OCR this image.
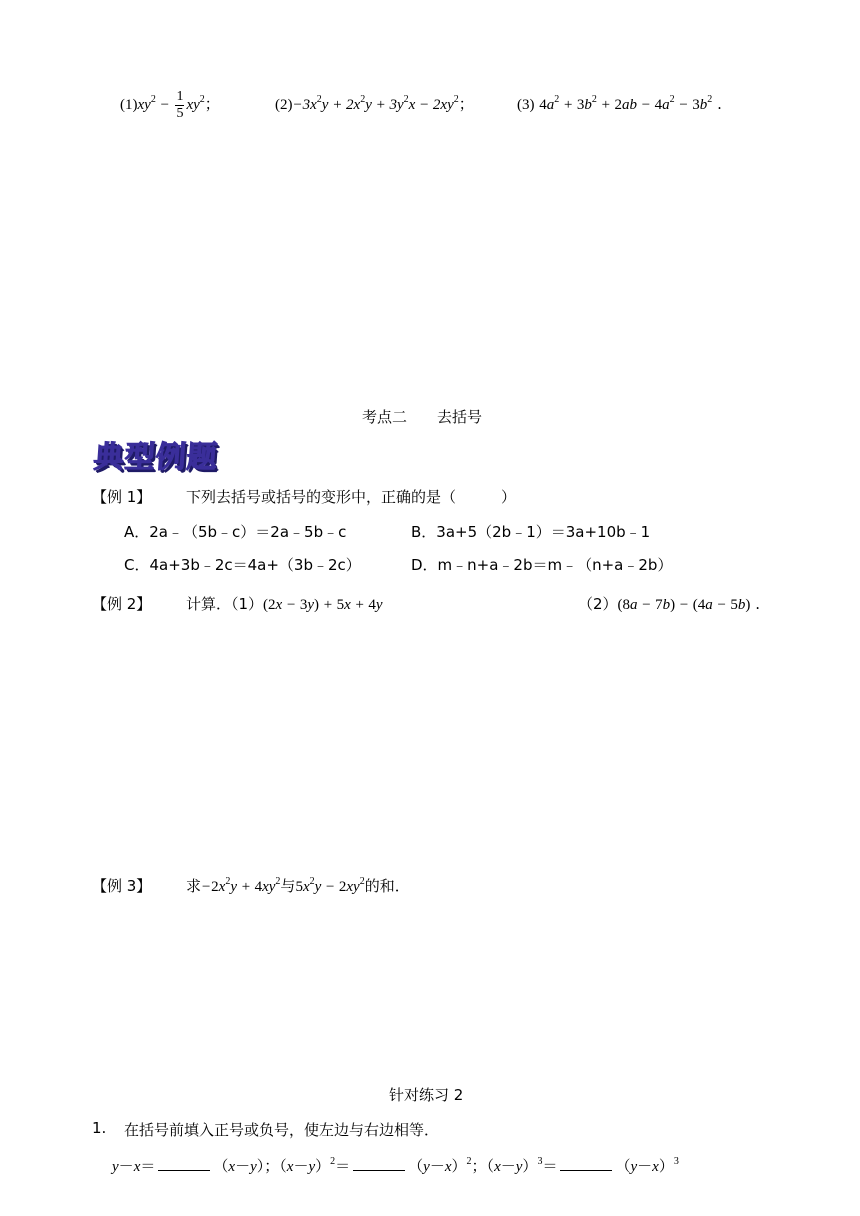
$(1)xy^2 - \frac{1}{5} xy^2$；	$(2)-3x^2y + 2x^2y + 3y^2x - 2xy^2$；	(3) $4a^2 + 3b^2 + 2ab - 4a^2 - 3b^2$ .
考点二　　去括号
典型例题
【例 1】 下列去括号或括号的变形中，正确的是（　　　）
A．2a﹣（5b﹣c）＝2a﹣5b﹣c	B．3a+5（2b﹣1）＝3a+10b﹣1
C．4a+3b﹣2c＝4a+（3b﹣2c）	D．m﹣n+a﹣2b＝m﹣（n+a﹣2b）
【例 2】 计算．（1）(2x − 3y) + 5x + 4y	（2）(8a − 7b) − (4a − 5b) .
【例 3】 求$-2x^2y + 4xy^2$与$5x^2y - 2xy^2$的和．
针对练习 2
1. 在括号前填入正号或负号，使左边与右边相等．
y－x＝	（x－y）；$(x-y)^2=$	$(y-x)^2$；$(x-y)^3=$	$(y-x)^3$
